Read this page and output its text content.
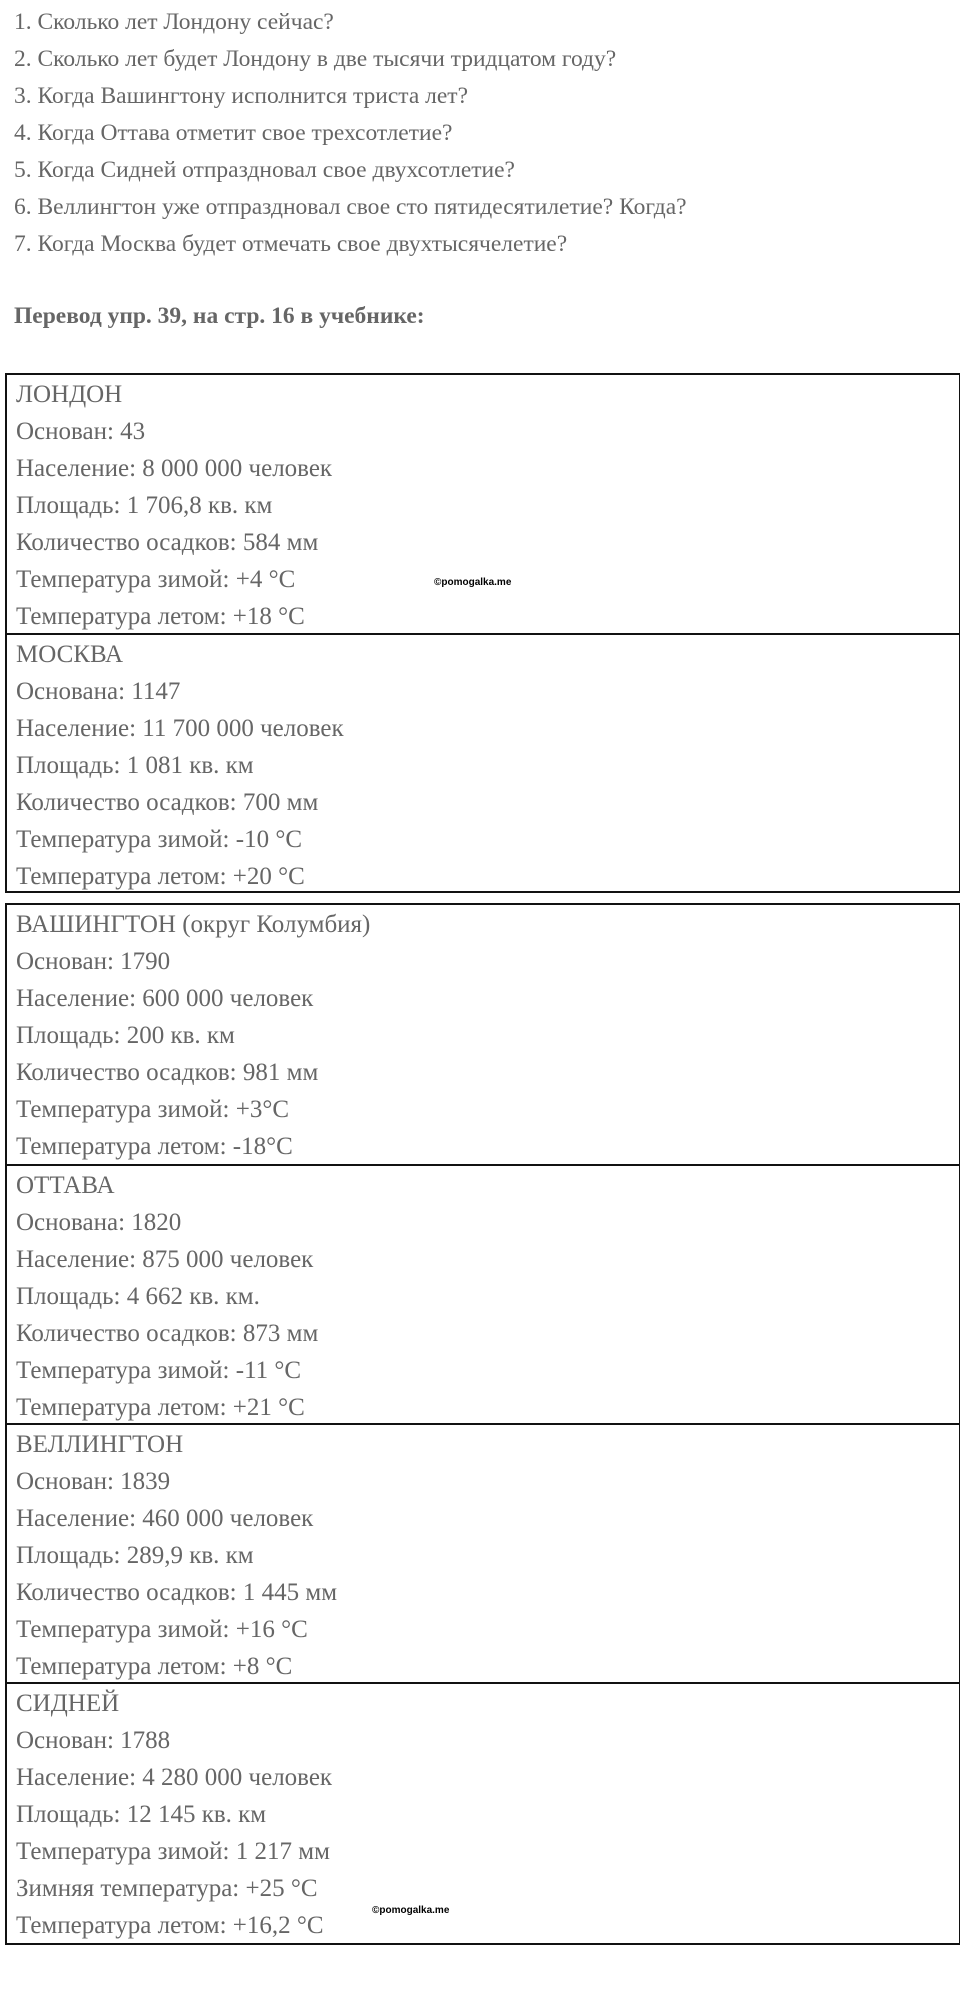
1. Сколько лет Лондону сейчас?
2. Сколько лет будет Лондону в две тысячи тридцатом году?
3. Когда Вашингтону исполнится триста лет?
4. Когда Оттава отметит свое трехсотлетие?
5. Когда Сидней отпраздновал свое двухсотлетие?
6. Веллингтон уже отпраздновал свое сто пятидесятилетие? Когда?
7. Когда Москва будет отмечать свое двухтысячелетие?

Перевод упр. 39, на стр. 16 в учебнике:

ЛОНДОН
Основан: 43
Население: 8 000 000 человек
Площадь: 1 706,8 кв. км
Количество осадков: 584 мм
Температура зимой: +4 °С
Температура летом: +18 °С
МОСКВА
Основана: 1147
Население: 11 700 000 человек
Площадь: 1 081 кв. км
Количество осадков: 700 мм
Температура зимой: -10 °С
Температура летом: +20 °С
ВАШИНГТОН (округ Колумбия)
Основан: 1790
Население: 600 000 человек
Площадь: 200 кв. км
Количество осадков: 981 мм
Температура зимой: +3°С
Температура летом: -18°С
ОТТАВА
Основана: 1820
Население: 875 000 человек
Площадь: 4 662 кв. км.
Количество осадков: 873 мм
Температура зимой: -11 °С
Температура летом: +21 °С
ВЕЛЛИНГТОН
Основан: 1839
Население: 460 000 человек
Площадь: 289,9 кв. км
Количество осадков: 1 445 мм
Температура зимой: +16 °С
Температура летом: +8 °С
СИДНЕЙ
Основан: 1788
Население: 4 280 000 человек
Площадь: 12 145 кв. км
Температура зимой: 1 217 мм
Зимняя температура: +25 °С
Температура летом: +16,2 °С
©pomogalka.me
©pomogalka.me
